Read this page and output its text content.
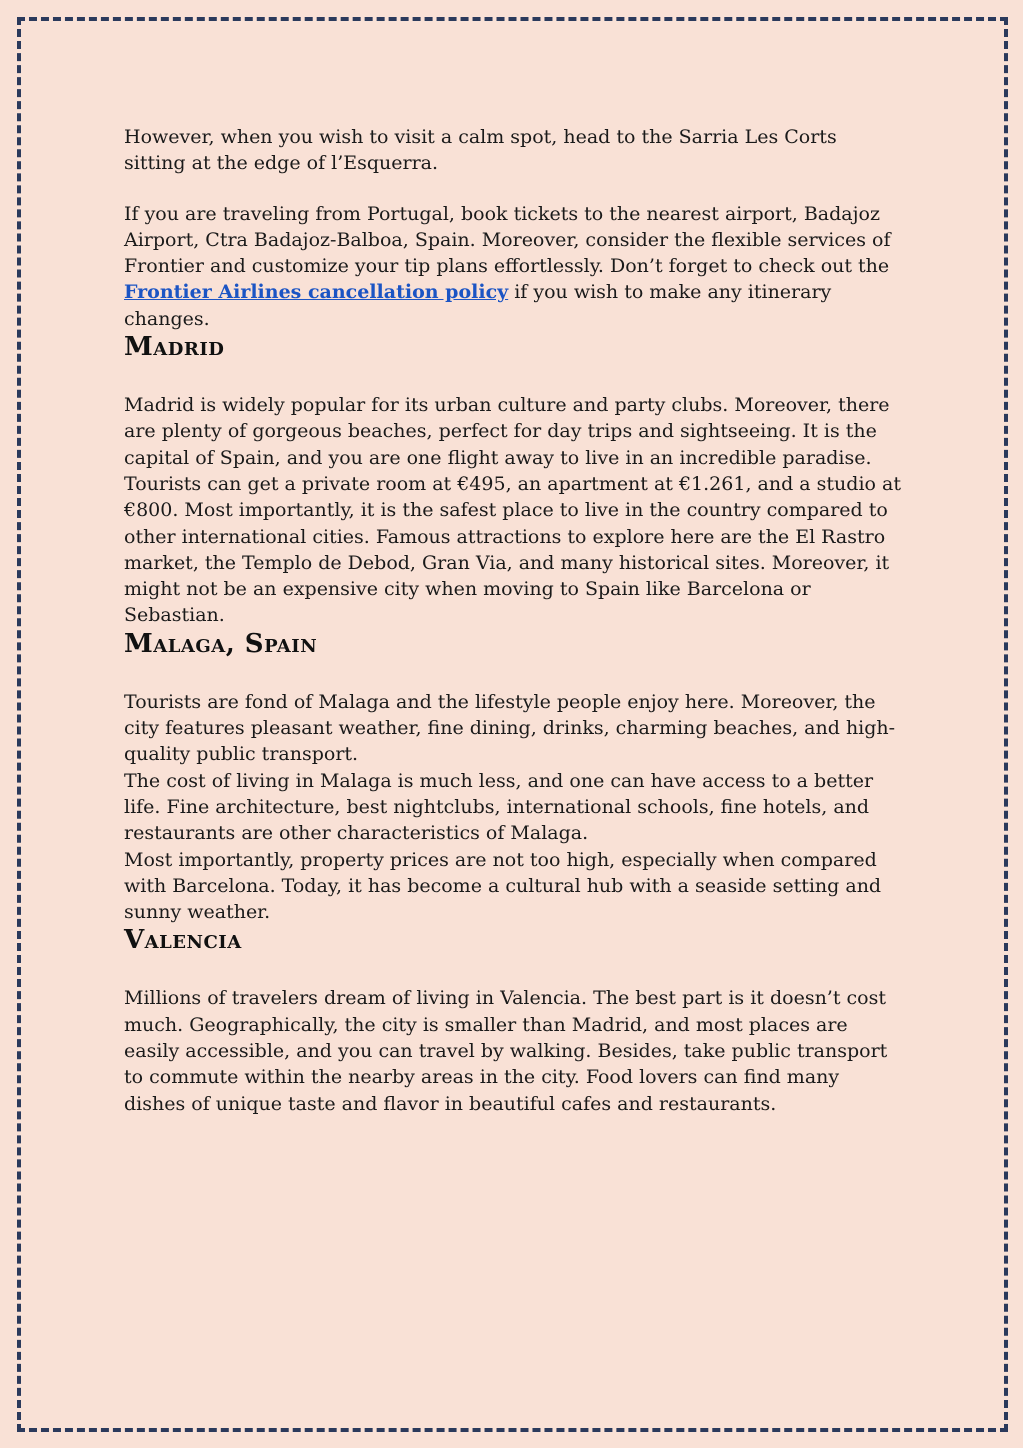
However, when you wish to visit a calm spot, head to the Sarria Les Corts sitting at the edge of l’Esquerra.

If you are traveling from Portugal, book tickets to the nearest airport, Badajoz Airport, Ctra Badajoz-Balboa, Spain. Moreover, consider the flexible services of Frontier and customize your tip plans effortlessly. Don’t forget to check out the Frontier Airlines cancellation policy if you wish to make any itinerary changes.

Madrid

Madrid is widely popular for its urban culture and party clubs. Moreover, there are plenty of gorgeous beaches, perfect for day trips and sightseeing. It is the capital of Spain, and you are one flight away to live in an incredible paradise. Tourists can get a private room at €495, an apartment at €1.261, and a studio at €800. Most importantly, it is the safest place to live in the country compared to other international cities. Famous attractions to explore here are the El Rastro market, the Templo de Debod, Gran Via, and many historical sites. Moreover, it might not be an expensive city when moving to Spain like Barcelona or Sebastian.

Malaga, Spain

Tourists are fond of Malaga and the lifestyle people enjoy here. Moreover, the city features pleasant weather, fine dining, drinks, charming beaches, and high-quality public transport.
The cost of living in Malaga is much less, and one can have access to a better life. Fine architecture, best nightclubs, international schools, fine hotels, and restaurants are other characteristics of Malaga.
Most importantly, property prices are not too high, especially when compared with Barcelona. Today, it has become a cultural hub with a seaside setting and sunny weather.

Valencia

Millions of travelers dream of living in Valencia. The best part is it doesn’t cost much. Geographically, the city is smaller than Madrid, and most places are easily accessible, and you can travel by walking. Besides, take public transport to commute within the nearby areas in the city. Food lovers can find many dishes of unique taste and flavor in beautiful cafes and restaurants.
